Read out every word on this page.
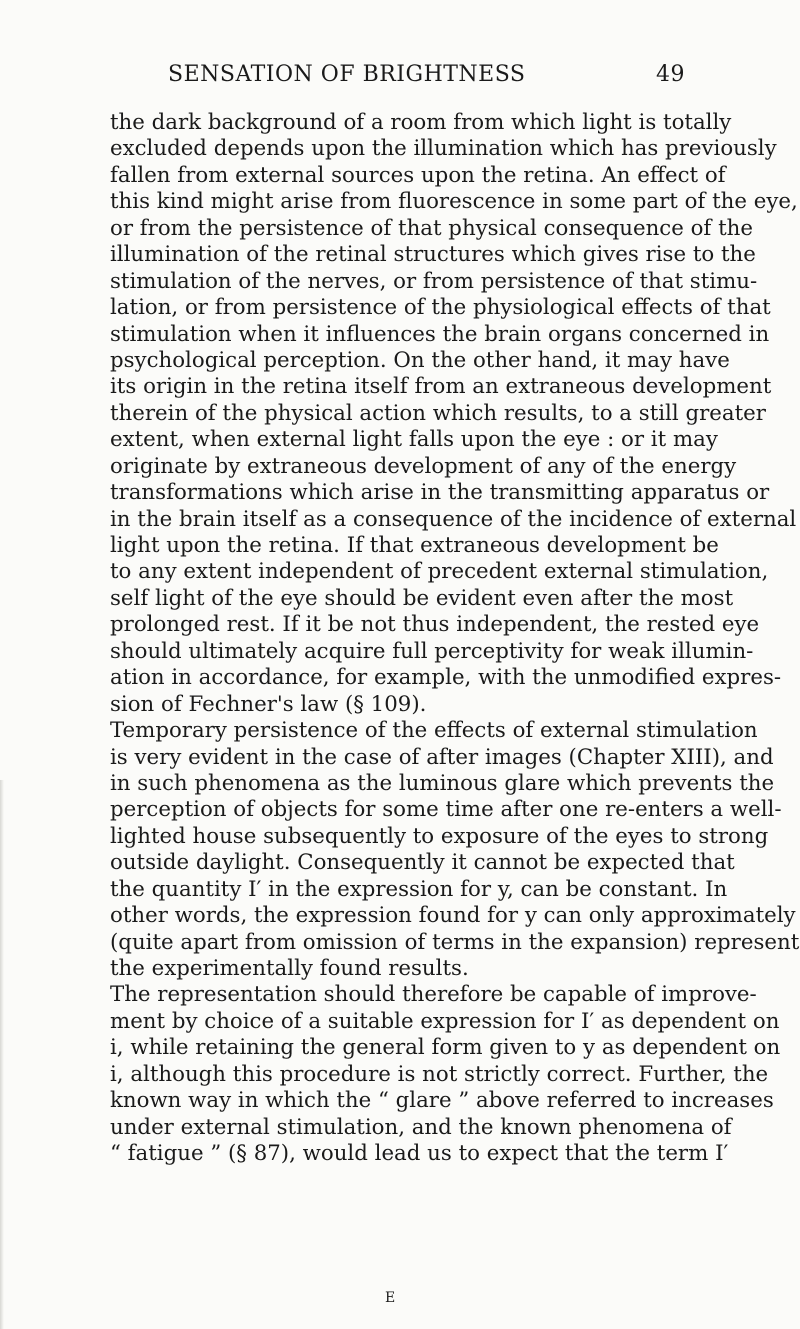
SENSATION OF BRIGHTNESS	49
the dark background of a room from which light is totally
excluded depends upon the illumination which has previously
fallen from external sources upon the retina. An effect of
this kind might arise from fluorescence in some part of the eye,
or from the persistence of that physical consequence of the
illumination of the retinal structures which gives rise to the
stimulation of the nerves, or from persistence of that stimu-
lation, or from persistence of the physiological effects of that
stimulation when it influences the brain organs concerned in
psychological perception. On the other hand, it may have
its origin in the retina itself from an extraneous development
therein of the physical action which results, to a still greater
extent, when external light falls upon the eye : or it may
originate by extraneous development of any of the energy
transformations which arise in the transmitting apparatus or
in the brain itself as a consequence of the incidence of external
light upon the retina. If that extraneous development be
to any extent independent of precedent external stimulation,
self light of the eye should be evident even after the most
prolonged rest. If it be not thus independent, the rested eye
should ultimately acquire full perceptivity for weak illumin-
ation in accordance, for example, with the unmodified expres-
sion of Fechner's law (§ 109).
Temporary persistence of the effects of external stimulation
is very evident in the case of after images (Chapter XIII), and
in such phenomena as the luminous glare which prevents the
perception of objects for some time after one re-enters a well-
lighted house subsequently to exposure of the eyes to strong
outside daylight. Consequently it cannot be expected that
the quantity I′ in the expression for y, can be constant. In
other words, the expression found for y can only approximately
(quite apart from omission of terms in the expansion) represent
the experimentally found results.
The representation should therefore be capable of improve-
ment by choice of a suitable expression for I′ as dependent on
i, while retaining the general form given to y as dependent on
i, although this procedure is not strictly correct. Further, the
known way in which the “ glare ” above referred to increases
under external stimulation, and the known phenomena of
“ fatigue ” (§ 87), would lead us to expect that the term I′
E
